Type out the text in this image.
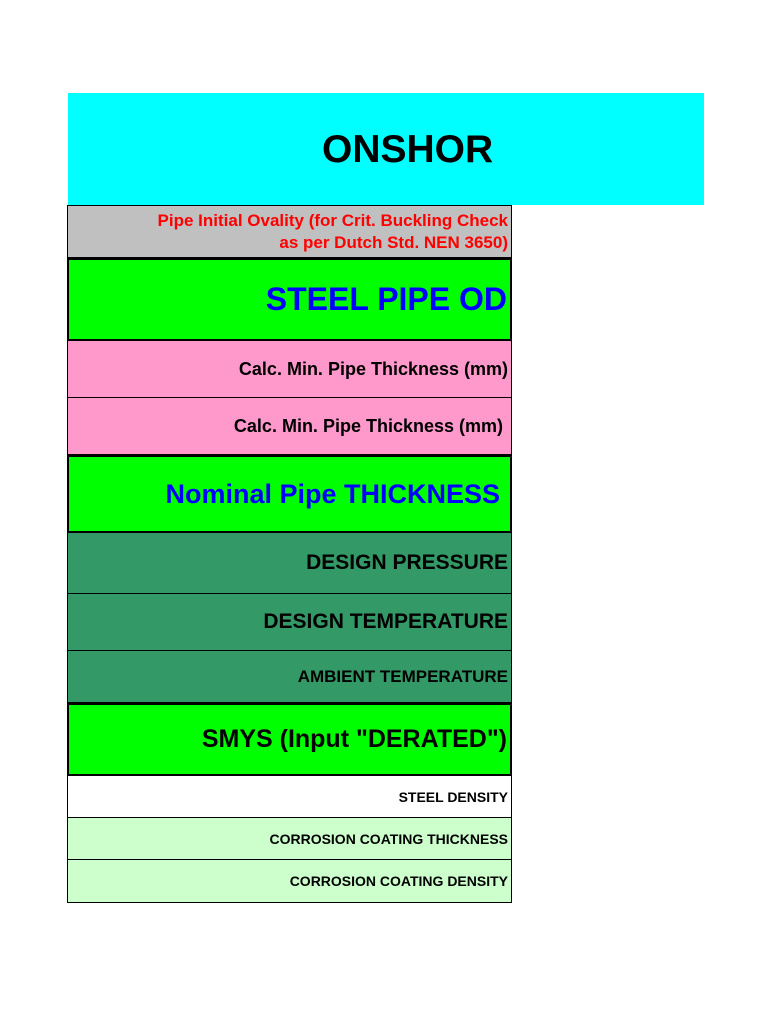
ONSHOR
Pipe Initial Ovality (for Crit. Buckling Check
as per Dutch Std. NEN 3650)
STEEL PIPE OD
Calc. Min. Pipe Thickness (mm)
Calc. Min. Pipe Thickness (mm)
Nominal Pipe THICKNESS
DESIGN PRESSURE
DESIGN TEMPERATURE
AMBIENT TEMPERATURE
SMYS (Input "DERATED")
STEEL DENSITY
CORROSION COATING THICKNESS
CORROSION COATING DENSITY
